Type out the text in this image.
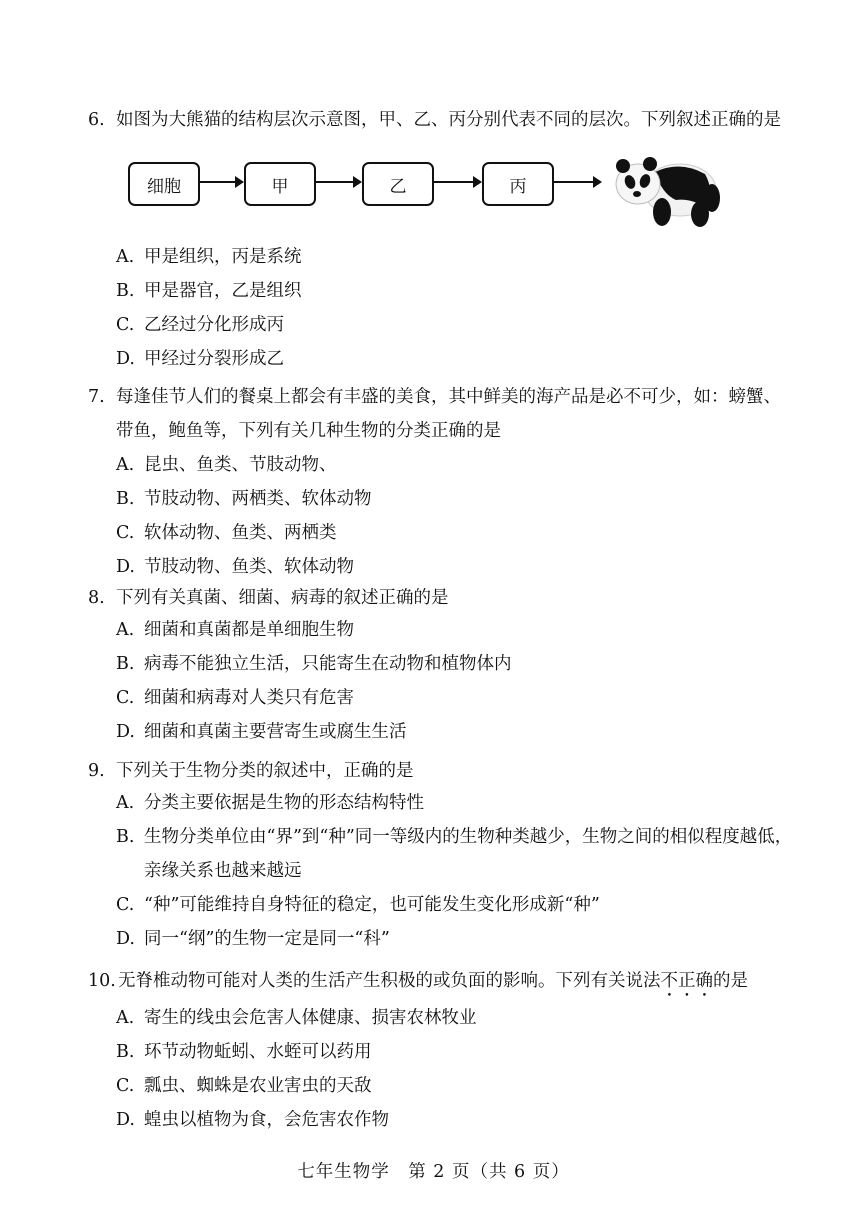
6. 如图为大熊猫的结构层次示意图，甲、乙、丙分别代表不同的层次。下列叙述正确的是
细胞	甲	乙	丙
A. 甲是组织，丙是系统
B. 甲是器官，乙是组织
C. 乙经过分化形成丙
D. 甲经过分裂形成乙
7. 每逢佳节人们的餐桌上都会有丰盛的美食，其中鲜美的海产品是必不可少，如：螃蟹、带鱼，鲍鱼等，下列有关几种生物的分类正确的是
A. 昆虫、鱼类、节肢动物、
B. 节肢动物、两栖类、软体动物
C. 软体动物、鱼类、两栖类
D. 节肢动物、鱼类、软体动物
8. 下列有关真菌、细菌、病毒的叙述正确的是
A. 细菌和真菌都是单细胞生物
B. 病毒不能独立生活，只能寄生在动物和植物体内
C. 细菌和病毒对人类只有危害
D. 细菌和真菌主要营寄生或腐生生活
9. 下列关于生物分类的叙述中，正确的是
A. 分类主要依据是生物的形态结构特性
B. 生物分类单位由“界”到“种”同一等级内的生物种类越少，生物之间的相似程度越低，亲缘关系也越来越远
C. “种”可能维持自身特征的稳定，也可能发生变化形成新“种”
D. 同一“纲”的生物一定是同一“科”
10. 无脊椎动物可能对人类的生活产生积极的或负面的影响。下列有关说法不正确的是
A. 寄生的线虫会危害人体健康、损害农林牧业
B. 环节动物蚯蚓、水蛭可以药用
C. 瓢虫、蜘蛛是农业害虫的天敌
D. 蝗虫以植物为食，会危害农作物
七年生物学　第 2 页（共 6 页）
